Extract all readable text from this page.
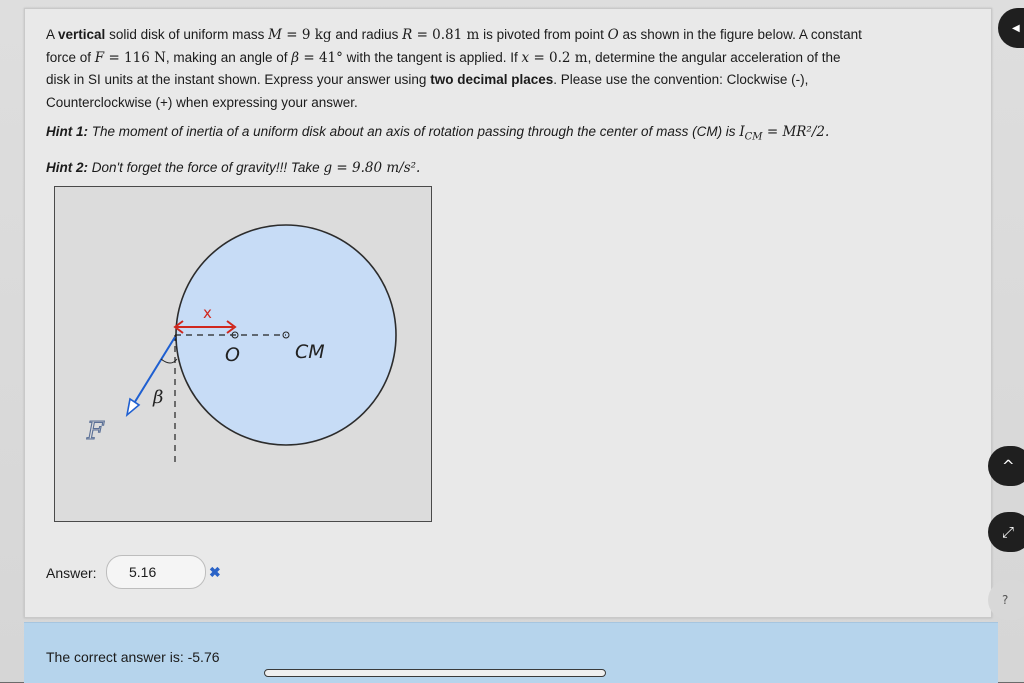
A vertical solid disk of uniform mass M = 9 kg and radius R = 0.81 m is pivoted from point O as shown in the figure below. A constant
force of F = 116 N, making an angle of β = 41° with the tangent is applied. If x = 0.2 m, determine the angular acceleration of the
disk in SI units at the instant shown. Express your answer using two decimal places. Please use the convention: Clockwise (-),
Counterclockwise (+) when expressing your answer.
Hint 1: The moment of inertia of a uniform disk about an axis of rotation passing through the center of mass (CM) is $I_{CM} = MR^2/2$.
Hint 2: Don't forget the force of gravity!!! Take g = 9.80 m/s².
x
O	CM
β
F
Answer:	5.16	✖
The correct answer is: -5.76
◀
^
⤢
?
